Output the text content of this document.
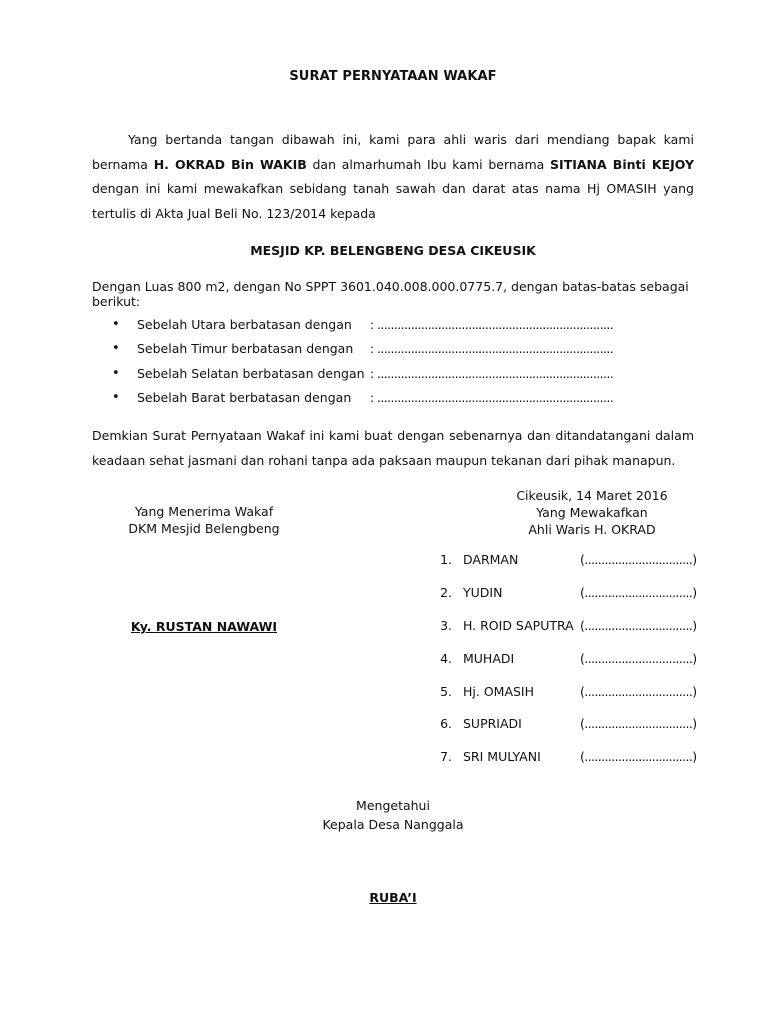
SURAT PERNYATAAN WAKAF
Yang bertanda tangan dibawah ini, kami para ahli waris dari mendiang bapak kami bernama H. OKRAD Bin WAKIB dan almarhumah Ibu kami bernama SITIANA Binti KEJOY dengan ini kami mewakafkan sebidang tanah sawah dan darat atas nama Hj OMASIH yang tertulis di Akta Jual Beli No. 123/2014 kepada
MESJID KP. BELENGBENG DESA CIKEUSIK
Dengan Luas 800 m2, dengan No SPPT 3601.040.008.000.0775.7, dengan batas-batas sebagai berikut:
• Sebelah Utara berbatasan dengan : ......................................................................
• Sebelah Timur berbatasan dengan : ......................................................................
• Sebelah Selatan berbatasan dengan : ......................................................................
• Sebelah Barat berbatasan dengan : ......................................................................
Demkian Surat Pernyataan Wakaf ini kami buat dengan sebenarnya dan ditandatangani dalam keadaan sehat jasmani dan rohani tanpa ada paksaan maupun tekanan dari pihak manapun.
Yang Menerima Wakaf
DKM Mesjid Belengbeng
Ky. RUSTAN NAWAWI
Cikeusik, 14 Maret 2016
Yang Mewakafkan
Ahli Waris H. OKRAD
1. DARMAN	(................................)
2. YUDIN	(................................)
3. H. ROID SAPUTRA (................................)
4. MUHADI	(................................)
5. Hj. OMASIH	(................................)
6. SUPRIADI	(................................)
7. SRI MULYANI	(................................)
Mengetahui
Kepala Desa Nanggala
RUBA’I
